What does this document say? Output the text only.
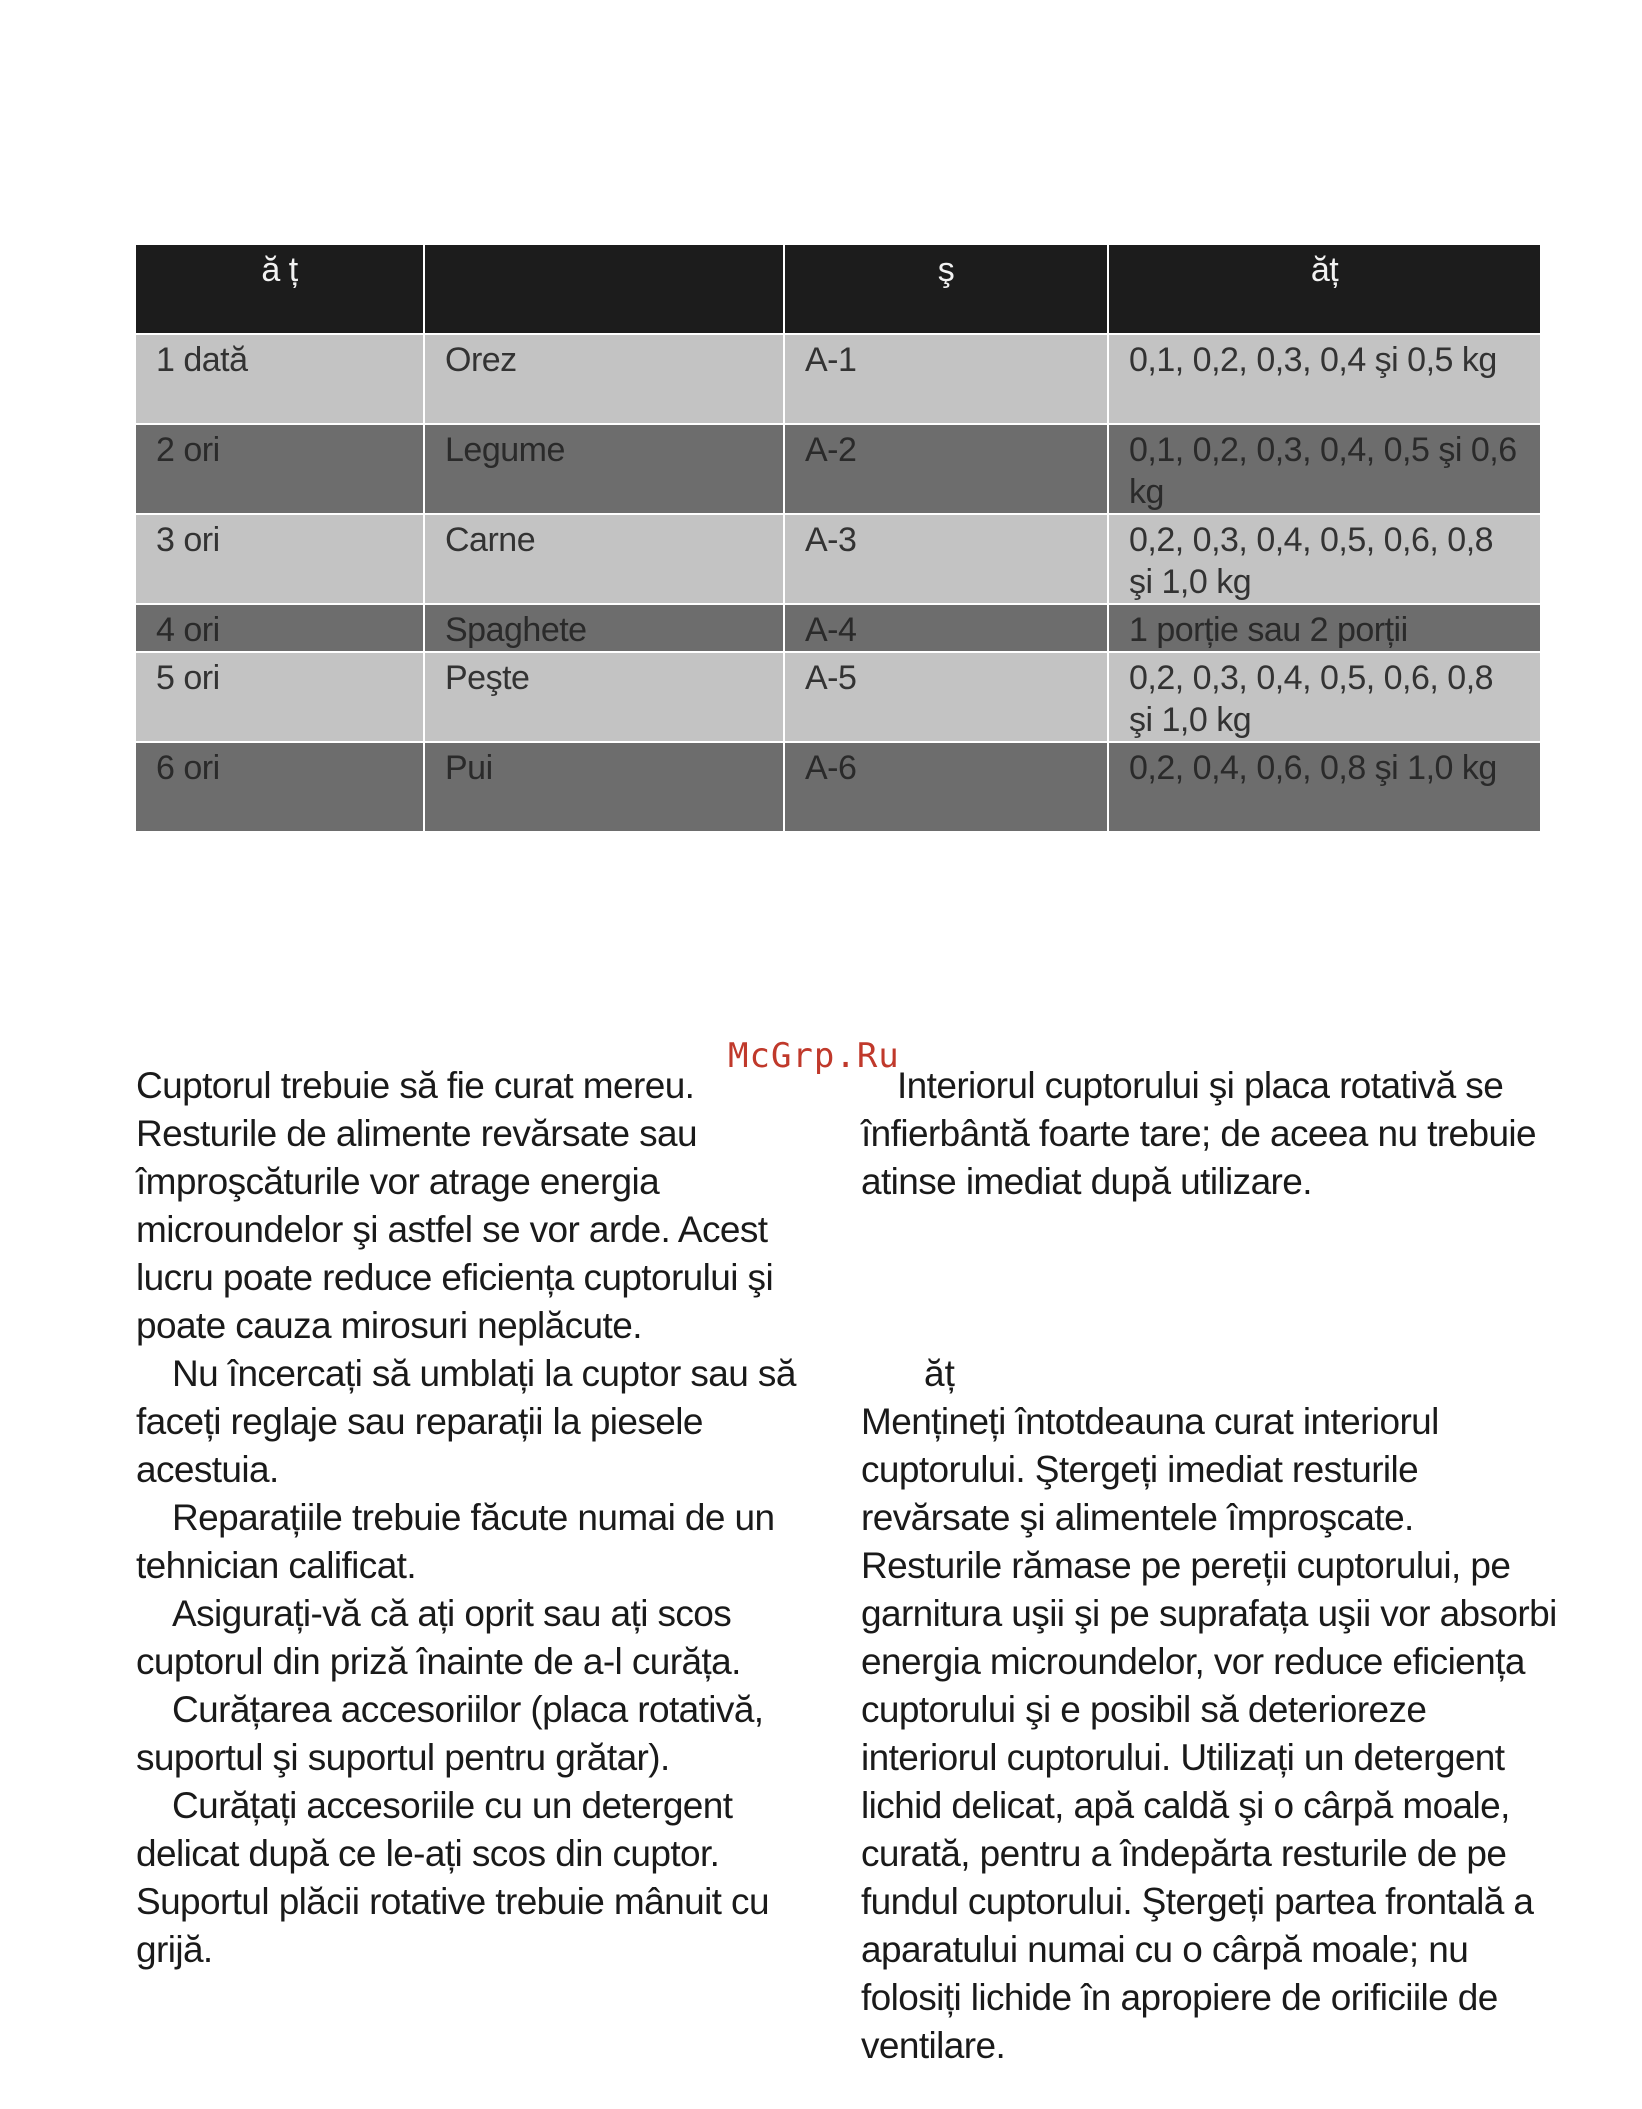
ă ț		ş	ăț
1 dată	Orez	A-1	0,1, 0,2, 0,3, 0,4 şi 0,5 kg
2 ori	Legume	A-2	0,1, 0,2, 0,3, 0,4, 0,5 şi 0,6 kg
3 ori	Carne	A-3	0,2, 0,3, 0,4, 0,5, 0,6, 0,8 şi 1,0 kg
4 ori	Spaghete	A-4	1 porție sau 2 porții
5 ori	Peşte	A-5	0,2, 0,3, 0,4, 0,5, 0,6, 0,8 şi 1,0 kg
6 ori	Pui	A-6	0,2, 0,4, 0,6, 0,8 şi 1,0 kg
McGrp.Ru

Cuptorul trebuie să fie curat mereu. Resturile de alimente revărsate sau împroşcăturile vor atrage energia microundelor şi astfel se vor arde. Acest lucru poate reduce eficiența cuptorului şi poate cauza mirosuri neplăcute.

Nu încercați să umblați la cuptor sau să faceți reglaje sau reparații la piesele acestuia.

Reparațiile trebuie făcute numai de un tehnician calificat.

Asigurați-vă că ați oprit sau ați scos cuptorul din priză înainte de a-l curăța.

Curățarea accesoriilor (placa rotativă, suportul şi suportul pentru grătar).

Curățați accesoriile cu un detergent delicat după ce le-ați scos din cuptor. Suportul plăcii rotative trebuie mânuit cu grijă.

Interiorul cuptorului şi placa rotativă se înfierbântă foarte tare; de aceea nu trebuie atinse imediat după utilizare.

ăț

Mențineți întotdeauna curat interiorul cuptorului. Ştergeți imediat resturile revărsate şi alimentele împroşcate. Resturile rămase pe pereții cuptorului, pe garnitura uşii şi pe suprafața uşii vor absorbi energia microundelor, vor reduce eficiența cuptorului şi e posibil să deterioreze interiorul cuptorului. Utilizați un detergent lichid delicat, apă caldă şi o cârpă moale, curată, pentru a îndepărta resturile de pe fundul cuptorului. Ştergeți partea frontală a aparatului numai cu o cârpă moale; nu folosiți lichide în apropiere de orificiile de ventilare.
